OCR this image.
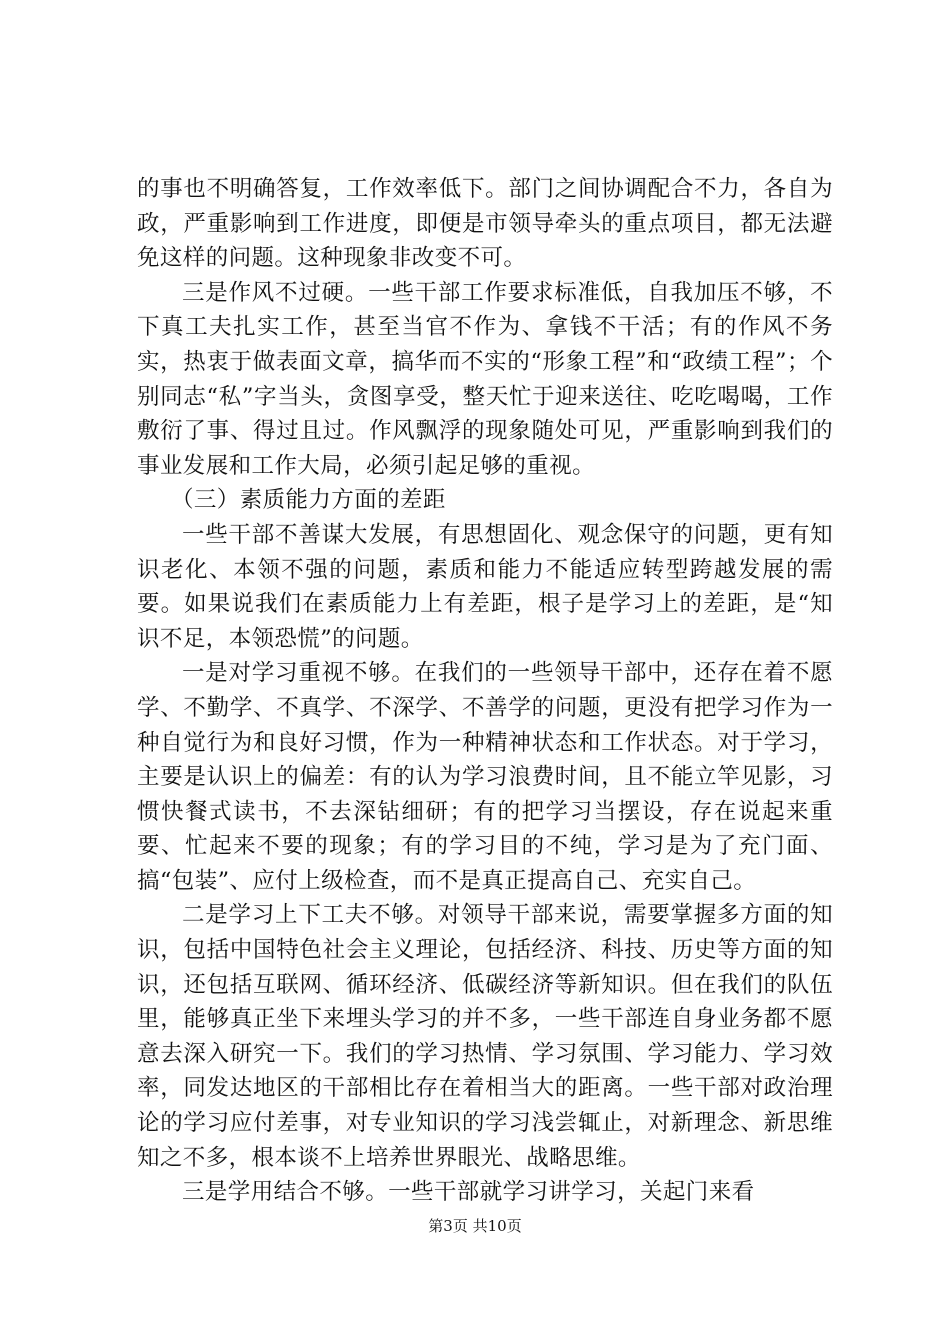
的事也不明确答复，工作效率低下。部门之间协调配合不力，各自为政，严重影响到工作进度，即便是市领导牵头的重点项目，都无法避免这样的问题。这种现象非改变不可。

三是作风不过硬。一些干部工作要求标准低，自我加压不够，不下真工夫扎实工作，甚至当官不作为、拿钱不干活；有的作风不务实，热衷于做表面文章，搞华而不实的“形象工程”和“政绩工程”；个别同志“私”字当头，贪图享受，整天忙于迎来送往、吃吃喝喝，工作敷衍了事、得过且过。作风飘浮的现象随处可见，严重影响到我们的事业发展和工作大局，必须引起足够的重视。

（三）素质能力方面的差距

一些干部不善谋大发展，有思想固化、观念保守的问题，更有知识老化、本领不强的问题，素质和能力不能适应转型跨越发展的需要。如果说我们在素质能力上有差距，根子是学习上的差距，是“知识不足，本领恐慌”的问题。

一是对学习重视不够。在我们的一些领导干部中，还存在着不愿学、不勤学、不真学、不深学、不善学的问题，更没有把学习作为一种自觉行为和良好习惯，作为一种精神状态和工作状态。对于学习，主要是认识上的偏差：有的认为学习浪费时间，且不能立竿见影，习惯快餐式读书，不去深钻细研；有的把学习当摆设，存在说起来重要、忙起来不要的现象；有的学习目的不纯，学习是为了充门面、搞“包装”、应付上级检查，而不是真正提高自己、充实自己。

二是学习上下工夫不够。对领导干部来说，需要掌握多方面的知识，包括中国特色社会主义理论，包括经济、科技、历史等方面的知识，还包括互联网、循环经济、低碳经济等新知识。但在我们的队伍里，能够真正坐下来埋头学习的并不多，一些干部连自身业务都不愿意去深入研究一下。我们的学习热情、学习氛围、学习能力、学习效率，同发达地区的干部相比存在着相当大的距离。一些干部对政治理论的学习应付差事，对专业知识的学习浅尝辄止，对新理念、新思维知之不多，根本谈不上培养世界眼光、战略思维。

三是学用结合不够。一些干部就学习讲学习，关起门来看

第3页 共10页
